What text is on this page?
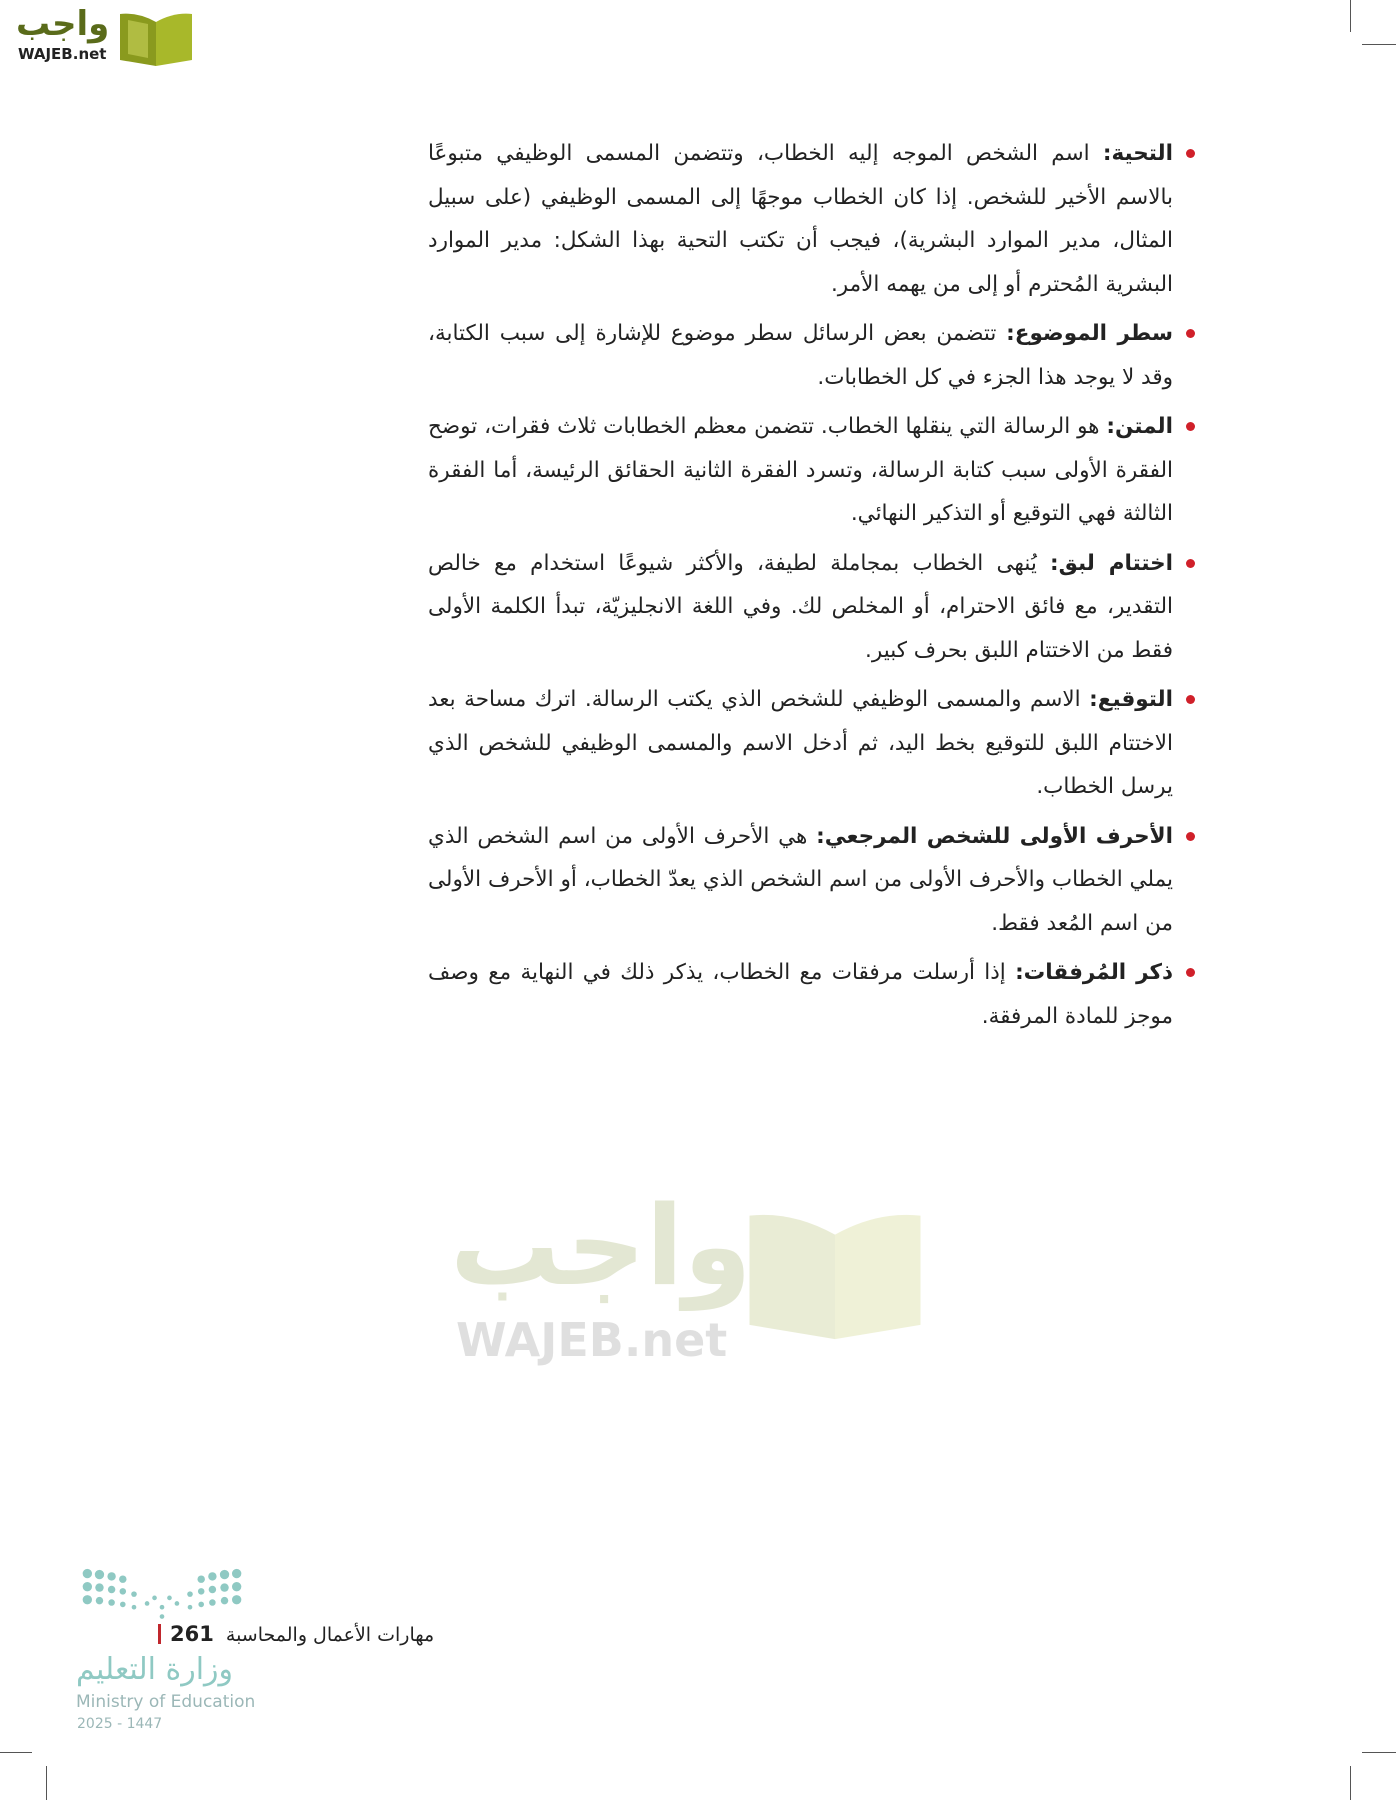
واجب
WAJEB.net
التحية: اسم الشخص الموجه إليه الخطاب، وتتضمن المسمى الوظيفي متبوعًا بالاسم الأخير للشخص. إذا كان الخطاب موجهًا إلى المسمى الوظيفي (على سبيل المثال، مدير الموارد البشرية)، فيجب أن تكتب التحية بهذا الشكل: مدير الموارد البشرية المُحترم أو إلى من يهمه الأمر.
سطر الموضوع: تتضمن بعض الرسائل سطر موضوع للإشارة إلى سبب الكتابة، وقد لا يوجد هذا الجزء في كل الخطابات.
المتن: هو الرسالة التي ينقلها الخطاب. تتضمن معظم الخطابات ثلاث فقرات، توضح الفقرة الأولى سبب كتابة الرسالة، وتسرد الفقرة الثانية الحقائق الرئيسة، أما الفقرة الثالثة فهي التوقيع أو التذكير النهائي.
اختتام لبق: يُنهى الخطاب بمجاملة لطيفة، والأكثر شيوعًا استخدام مع خالص التقدير، مع فائق الاحترام، أو المخلص لك. وفي اللغة الانجليزيّة، تبدأ الكلمة الأولى فقط من الاختتام اللبق بحرف كبير.
التوقيع: الاسم والمسمى الوظيفي للشخص الذي يكتب الرسالة. اترك مساحة بعد الاختتام اللبق للتوقيع بخط اليد، ثم أدخل الاسم والمسمى الوظيفي للشخص الذي يرسل الخطاب.
الأحرف الأولى للشخص المرجعي: هي الأحرف الأولى من اسم الشخص الذي يملي الخطاب والأحرف الأولى من اسم الشخص الذي يعدّ الخطاب، أو الأحرف الأولى من اسم المُعد فقط.
ذكر المُرفقات: إذا أرسلت مرفقات مع الخطاب، يذكر ذلك في النهاية مع وصف موجز للمادة المرفقة.
واجب
WAJEB.net
مهارات الأعمال والمحاسبة 261
وزارة التعليم
Ministry of Education
2025 - 1447
